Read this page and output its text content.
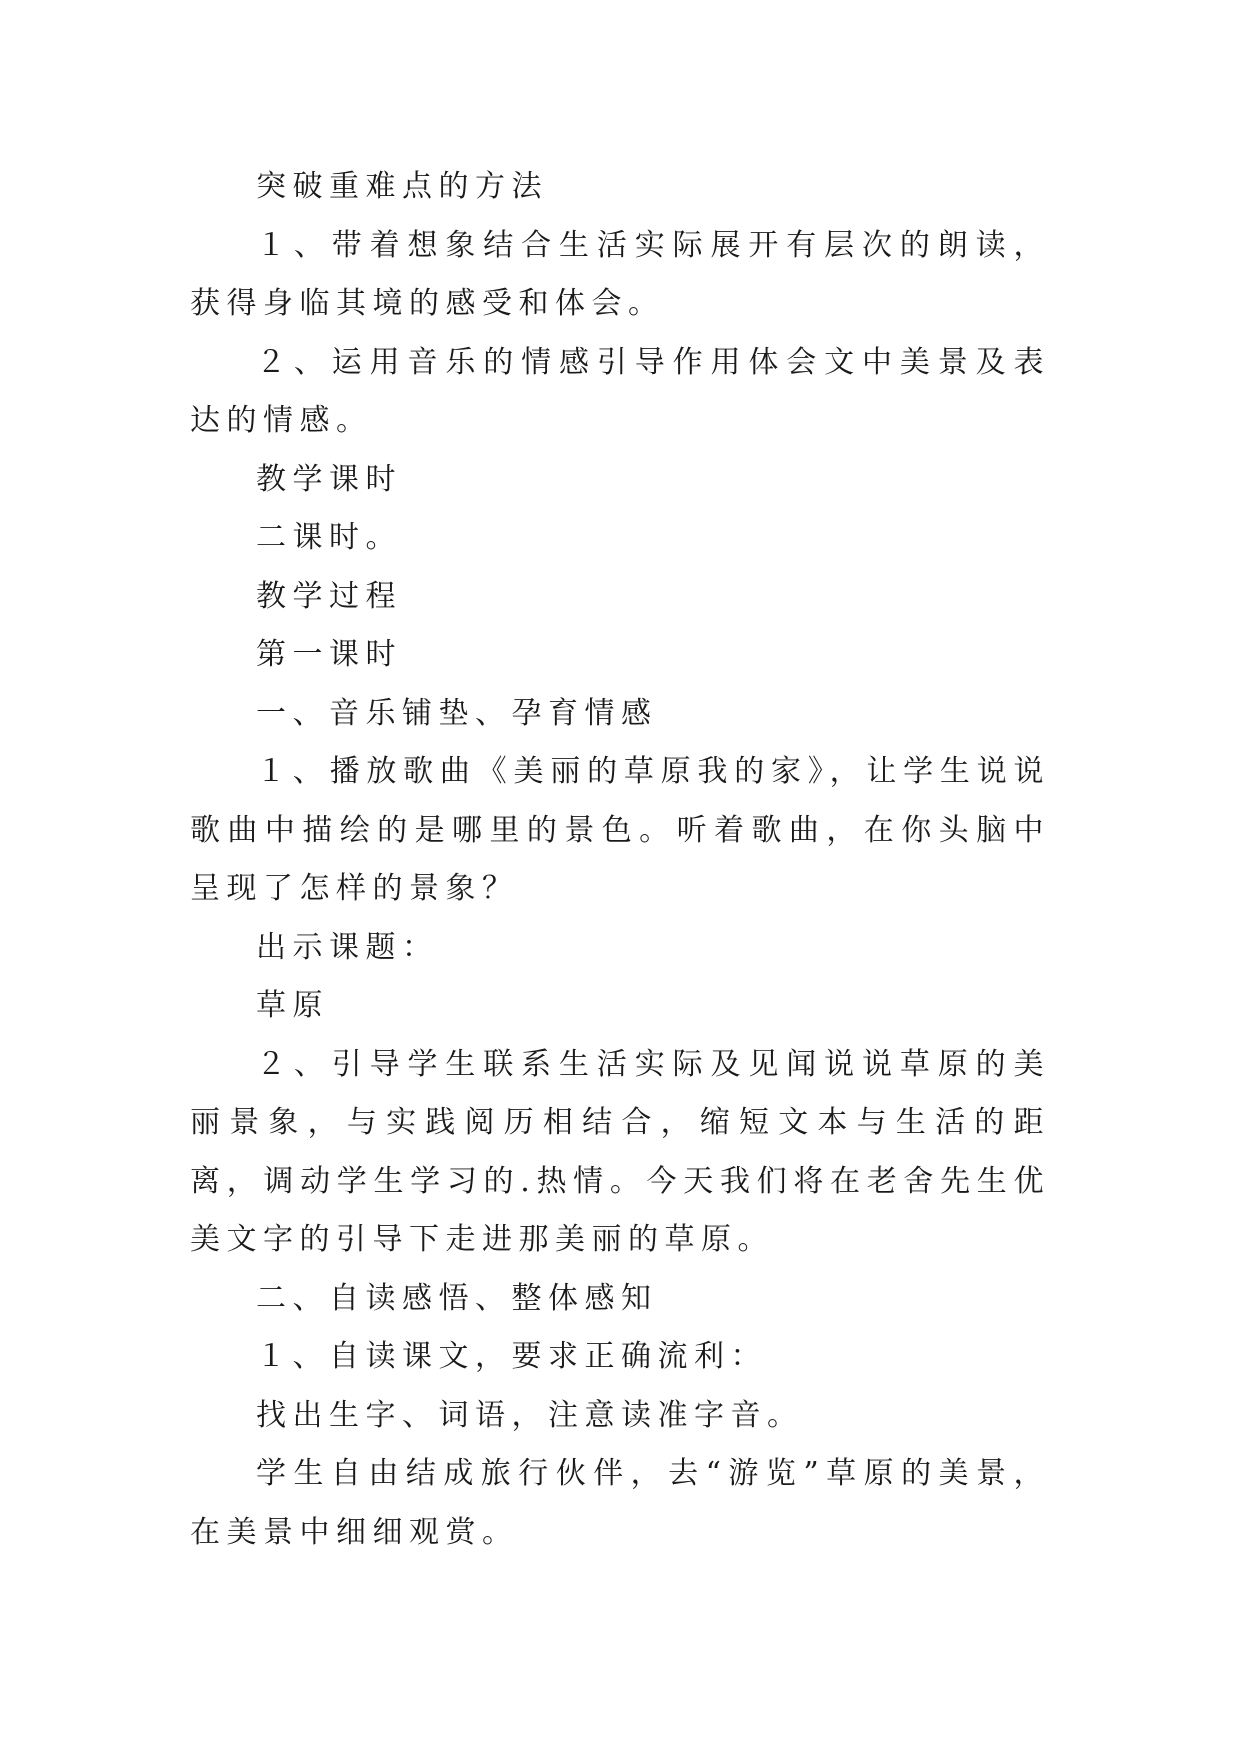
突破重难点的方法

１、带着想象结合生活实际展开有层次的朗读，获得身临其境的感受和体会。

２、运用音乐的情感引导作用体会文中美景及表达的情感。

教学课时

二课时。

教学过程

第一课时

一、音乐铺垫、孕育情感

１、播放歌曲《美丽的草原我的家》，让学生说说歌曲中描绘的是哪里的景色。听着歌曲，在你头脑中呈现了怎样的景象？

出示课题：

草原

２、引导学生联系生活实际及见闻说说草原的美丽景象，与实践阅历相结合，缩短文本与生活的距离，调动学生学习的.热情。今天我们将在老舍先生优美文字的引导下走进那美丽的草原。

二、自读感悟、整体感知

１、自读课文，要求正确流利：

找出生字、词语，注意读准字音。

学生自由结成旅行伙伴，去“游览”草原的美景，在美景中细细观赏。
